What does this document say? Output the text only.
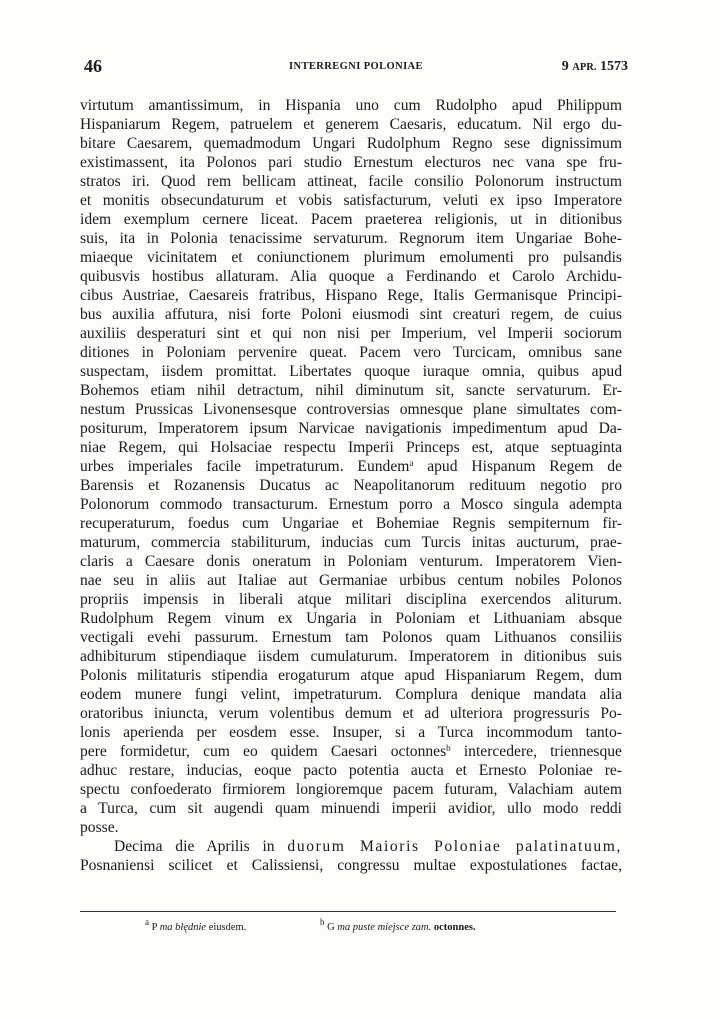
46	INTERREGNI POLONIAE	9 APR. 1573
virtutum amantissimum, in Hispania uno cum Rudolpho apud Philippum
Hispaniarum Regem, patruelem et generem Caesaris, educatum. Nil ergo du-
bitare Caesarem, quemadmodum Ungari Rudolphum Regno sese dignissimum
existimassent, ita Polonos pari studio Ernestum electuros nec vana spe fru-
stratos iri. Quod rem bellicam attineat, facile consilio Polonorum instructum
et monitis obsecundaturum et vobis satisfacturum, veluti ex ipso Imperatore
idem exemplum cernere liceat. Pacem praeterea religionis, ut in ditionibus
suis, ita in Polonia tenacissime servaturum. Regnorum item Ungariae Bohe-
miaeque vicinitatem et coniunctionem plurimum emolumenti pro pulsandis
quibusvis hostibus allaturam. Alia quoque a Ferdinando et Carolo Archidu-
cibus Austriae, Caesareis fratribus, Hispano Rege, Italis Germanisque Principi-
bus auxilia affutura, nisi forte Poloni eiusmodi sint creaturi regem, de cuius
auxiliis desperaturi sint et qui non nisi per Imperium, vel Imperii sociorum
ditiones in Poloniam pervenire queat. Pacem vero Turcicam, omnibus sane
suspectam, iisdem promittat. Libertates quoque iuraque omnia, quibus apud
Bohemos etiam nihil detractum, nihil diminutum sit, sancte servaturum. Er-
nestum Prussicas Livonensesque controversias omnesque plane simultates com-
positurum, Imperatorem ipsum Narvicae navigationis impedimentum apud Da-
niae Regem, qui Holsaciae respectu Imperii Princeps est, atque septuaginta
urbes imperiales facile impetraturum. Eundem$^a$ apud Hispanum Regem de
Barensis et Rozanensis Ducatus ac Neapolitanorum redituum negotio pro
Polonorum commodo transacturum. Ernestum porro a Mosco singula adempta
recuperaturum, foedus cum Ungariae et Bohemiae Regnis sempiternum fir-
maturum, commercia stabiliturum, inducias cum Turcis initas aucturum, prae-
claris a Caesare donis oneratum in Poloniam venturum. Imperatorem Vien-
nae seu in aliis aut Italiae aut Germaniae urbibus centum nobiles Polonos
propriis impensis in liberali atque militari disciplina exercendos aliturum.
Rudolphum Regem vinum ex Ungaria in Poloniam et Lithuaniam absque
vectigali evehi passurum. Ernestum tam Polonos quam Lithuanos consiliis
adhibiturum stipendiaque iisdem cumulaturum. Imperatorem in ditionibus suis
Polonis militaturis stipendia erogaturum atque apud Hispaniarum Regem, dum
eodem munere fungi velint, impetraturum. Complura denique mandata alia
oratoribus iniuncta, verum volentibus demum et ad ulteriora progressuris Po-
lonis aperienda per eosdem esse. Insuper, si a Turca incommodum tanto-
pere formidetur, cum eo quidem Caesari octonnes$^b$ intercedere, triennesque
adhuc restare, inducias, eoque pacto potentia aucta et Ernesto Poloniae re-
spectu confoederato firmiorem longioremque pacem futuram, Valachiam autem
a Turca, cum sit augendi quam minuendi imperii avidior, ullo modo reddi
posse.
Decima die Aprilis in duorum Maioris Poloniae palatinatuum,
Posnaniensi scilicet et Calissiensi, congressu multae expostulationes factae,
$^a$ P ma błędnie eiusdem.	$^b$ G ma puste miejsce zam. octonnes.
